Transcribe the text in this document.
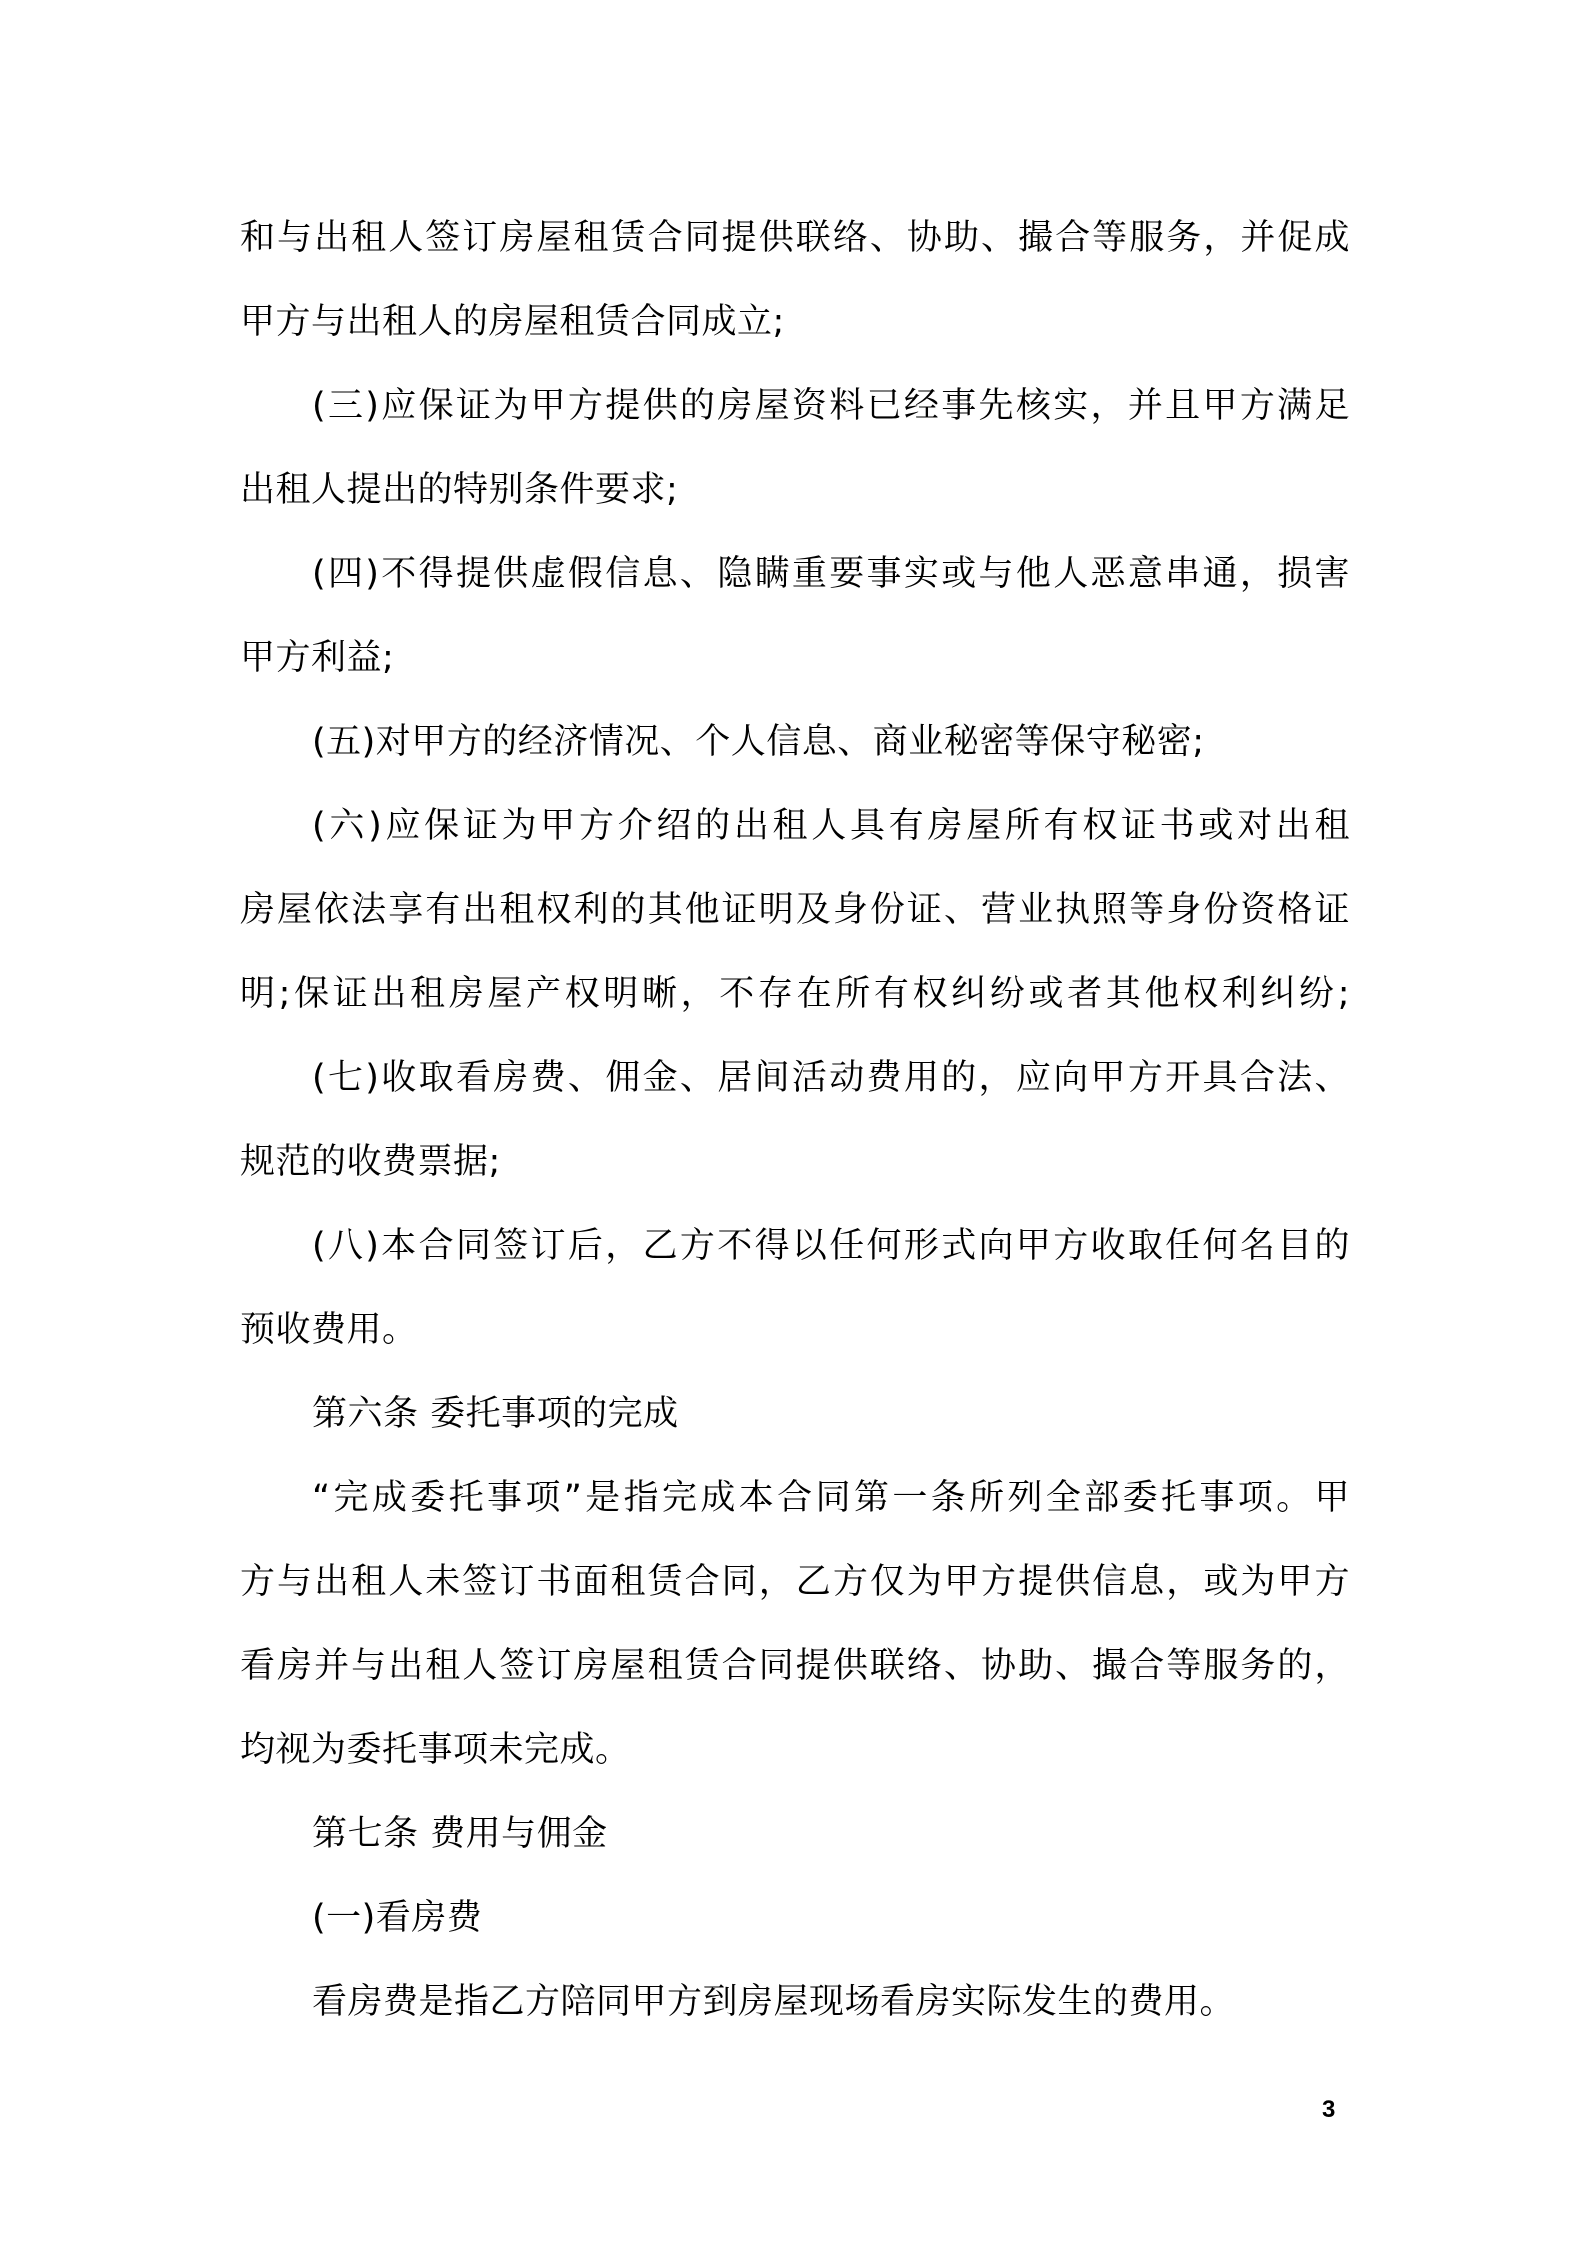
和与出租人签订房屋租赁合同提供联络、协助、撮合等服务，并促成
甲方与出租人的房屋租赁合同成立;
(三)应保证为甲方提供的房屋资料已经事先核实，并且甲方满足
出租人提出的特别条件要求;
(四)不得提供虚假信息、隐瞒重要事实或与他人恶意串通，损害
甲方利益;
(五)对甲方的经济情况、个人信息、商业秘密等保守秘密;
(六)应保证为甲方介绍的出租人具有房屋所有权证书或对出租
房屋依法享有出租权利的其他证明及身份证、营业执照等身份资格证
明;保证出租房屋产权明晰，不存在所有权纠纷或者其他权利纠纷;
(七)收取看房费、佣金、居间活动费用的，应向甲方开具合法、
规范的收费票据;
(八)本合同签订后，乙方不得以任何形式向甲方收取任何名目的
预收费用。
第六条 委托事项的完成
“完成委托事项”是指完成本合同第一条所列全部委托事项。甲
方与出租人未签订书面租赁合同，乙方仅为甲方提供信息，或为甲方
看房并与出租人签订房屋租赁合同提供联络、协助、撮合等服务的，
均视为委托事项未完成。
第七条 费用与佣金
(一)看房费
看房费是指乙方陪同甲方到房屋现场看房实际发生的费用。
3
